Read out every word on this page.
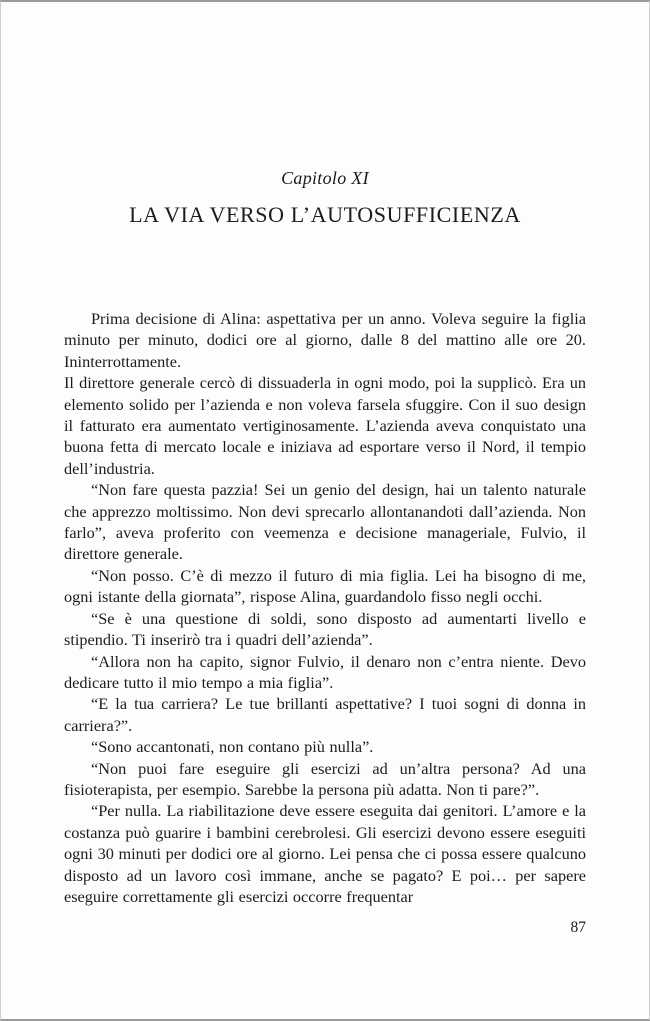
Capitolo XI
LA VIA VERSO L’AUTOSUFFICIENZA

Prima decisione di Alina: aspettativa per un anno. Voleva seguire la figlia minuto per minuto, dodici ore al giorno, dalle 8 del mattino alle ore 20. Ininterrottamente.

Il direttore generale cercò di dissuaderla in ogni modo, poi la supplicò. Era un elemento solido per l’azienda e non voleva farsela sfuggire. Con il suo design il fatturato era aumentato vertiginosamente. L’azienda aveva conquistato una buona fetta di mercato locale e iniziava ad esportare verso il Nord, il tempio dell’industria.

“Non fare questa pazzia! Sei un genio del design, hai un talento naturale che apprezzo moltissimo. Non devi sprecarlo allontanandoti dall’azienda. Non farlo”, aveva proferito con veemenza e decisione manageriale, Fulvio, il direttore generale.

“Non posso. C’è di mezzo il futuro di mia figlia. Lei ha bisogno di me, ogni istante della giornata”, rispose Alina, guardandolo fisso negli occhi.

“Se è una questione di soldi, sono disposto ad aumentarti livello e stipendio. Ti inserirò tra i quadri dell’azienda”.

“Allora non ha capito, signor Fulvio, il denaro non c’entra niente. Devo dedicare tutto il mio tempo a mia figlia”.

“E la tua carriera? Le tue brillanti aspettative? I tuoi sogni di donna in carriera?”.

“Sono accantonati, non contano più nulla”.

“Non puoi fare eseguire gli esercizi ad un’altra persona? Ad una fisioterapista, per esempio. Sarebbe la persona più adatta. Non ti pare?”.

“Per nulla. La riabilitazione deve essere eseguita dai genitori. L’amore e la costanza può guarire i bambini cerebrolesi. Gli esercizi devono essere eseguiti ogni 30 minuti per dodici ore al giorno. Lei pensa che ci possa essere qualcuno disposto ad un lavoro così immane, anche se pagato? E poi… per sapere eseguire correttamente gli esercizi occorre frequentar

87
